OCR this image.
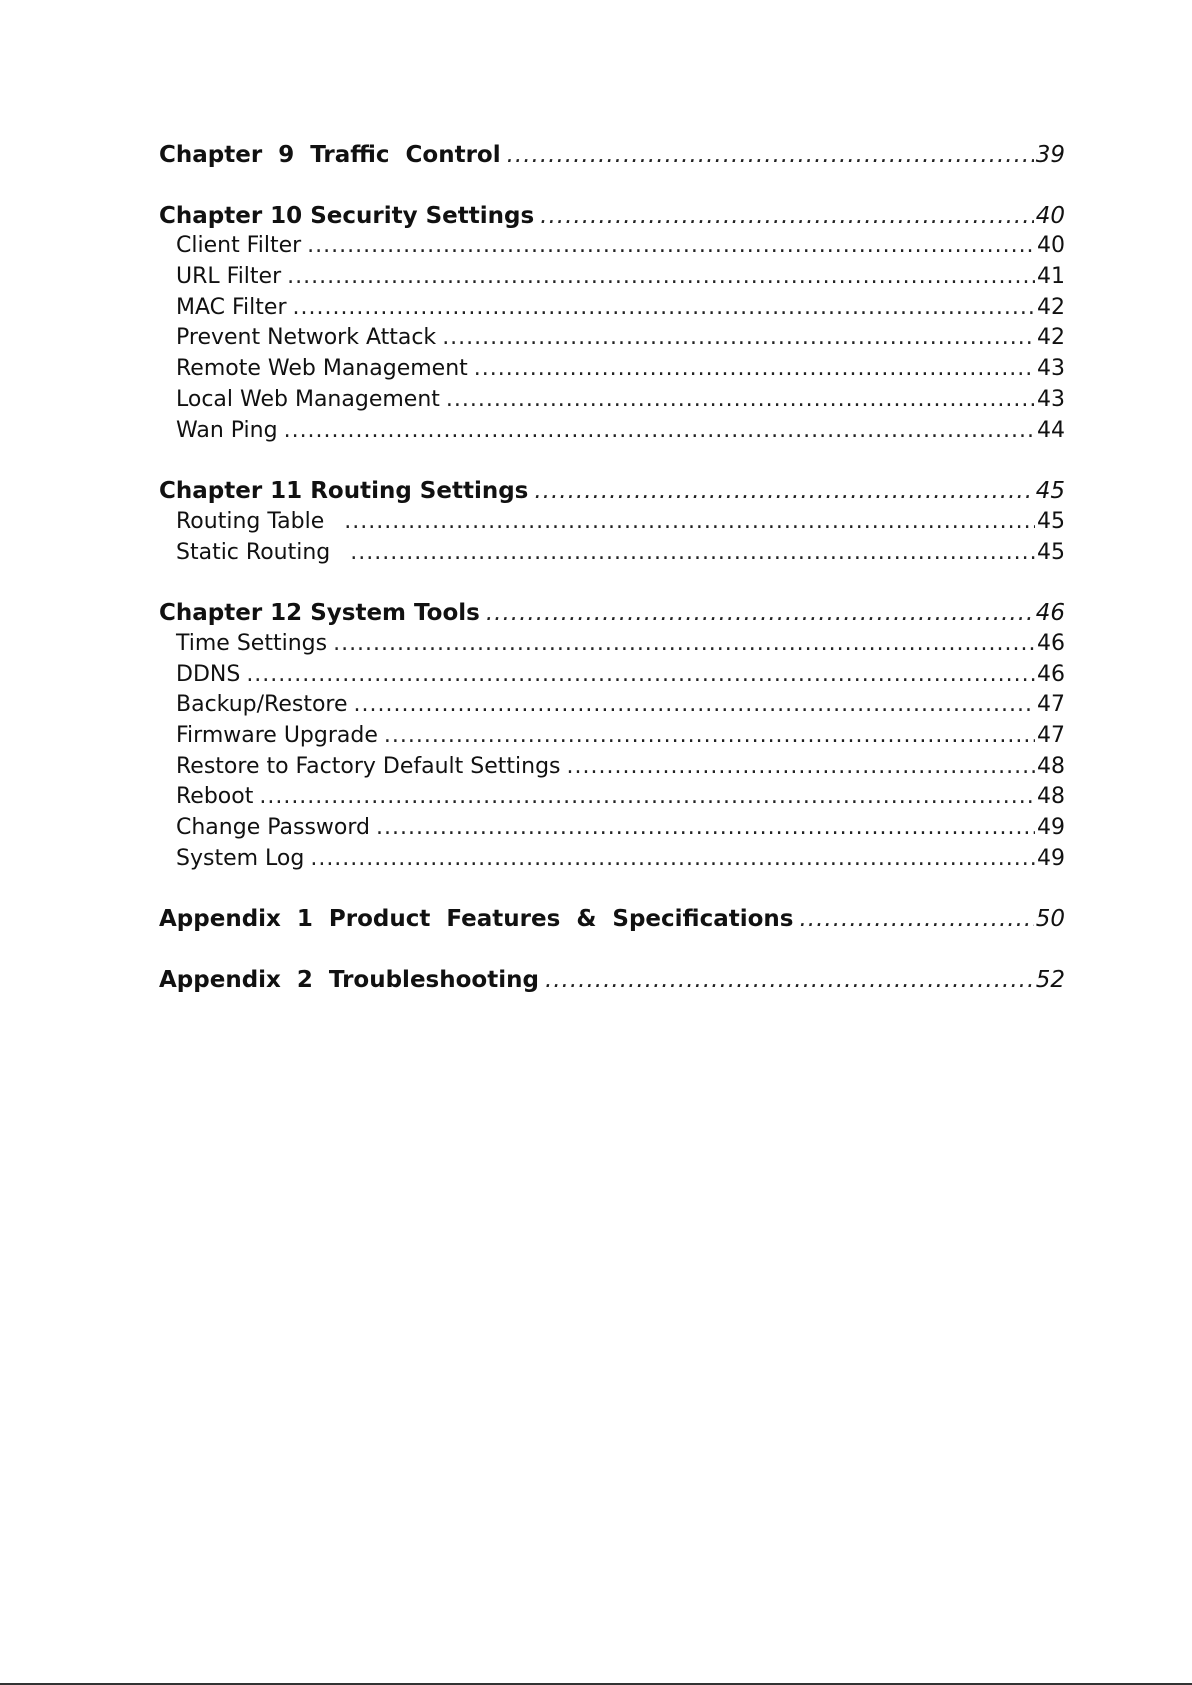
Chapter  9  Traffic  Control .....	39
Chapter 10 Security Settings .....	40
Client Filter .....	40
URL Filter .....	41
MAC Filter .....	42
Prevent Network Attack .....	42
Remote Web Management .....	43
Local Web Management .....	43
Wan Ping .....	44
Chapter 11 Routing Settings .....	45
Routing Table .....	45
Static Routing .....	45
Chapter 12 System Tools .....	46
Time Settings .....	46
DDNS .....	46
Backup/Restore .....	47
Firmware Upgrade .....	47
Restore to Factory Default Settings .....	48
Reboot .....	48
Change Password .....	49
System Log .....	49
Appendix  1  Product  Features  &  Specifications .....	50
Appendix  2  Troubleshooting .....	52
